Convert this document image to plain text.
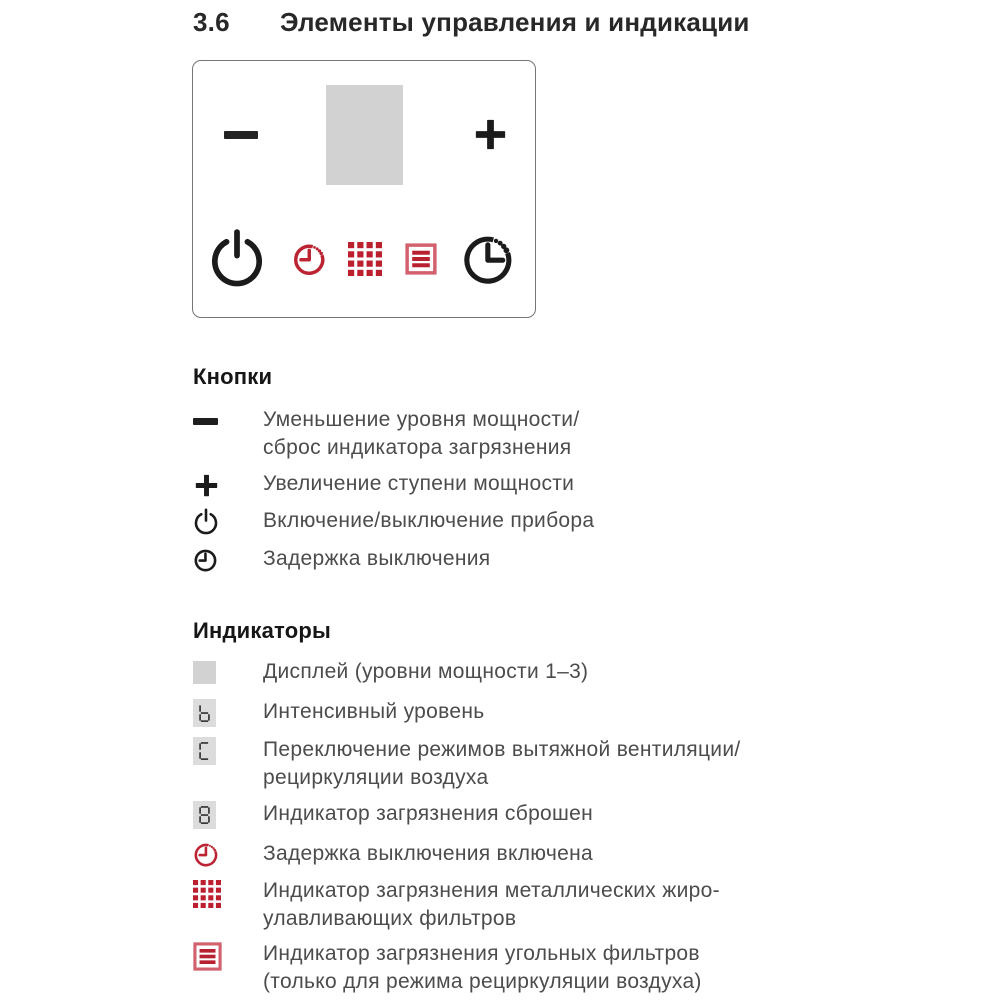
3.6	Элементы управления и индикации
Кнопки
Уменьшение уровня мощности/
сброс индикатора загрязнения
Увеличение ступени мощности
Включение/выключение прибора
Задержка выключения
Индикаторы
Дисплей (уровни мощности 1–3)
Интенсивный уровень
Переключение режимов вытяжной вентиляции/
рециркуляции воздуха
Индикатор загрязнения сброшен
Задержка выключения включена
Индикатор загрязнения металлических жиро-
улавливающих фильтров
Индикатор загрязнения угольных фильтров
(только для режима рециркуляции воздуха)
